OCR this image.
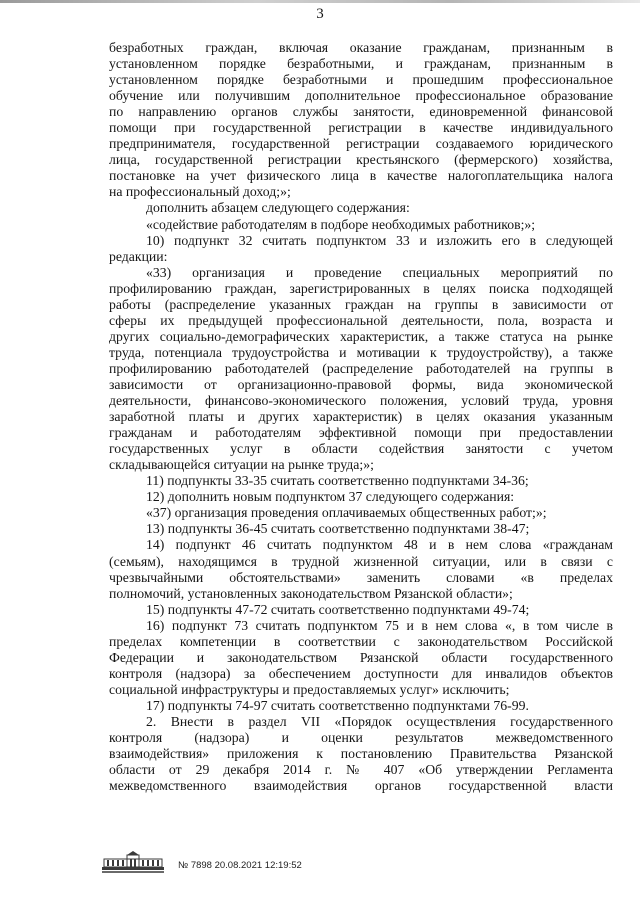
3
безработных граждан, включая оказание гражданам, признанным в
установленном порядке безработными, и гражданам, признанным в
установленном порядке безработными и прошедшим профессиональное
обучение или получившим дополнительное профессиональное образование
по направлению органов службы занятости, единовременной финансовой
помощи при государственной регистрации в качестве индивидуального
предпринимателя, государственной регистрации создаваемого юридического
лица, государственной регистрации крестьянского (фермерского) хозяйства,
постановке на учет физического лица в качестве налогоплательщика налога
на профессиональный доход;»;
дополнить абзацем следующего содержания:
«содействие работодателям в подборе необходимых работников;»;
10) подпункт 32 считать подпунктом 33 и изложить его в следующей
редакции:
«33) организация и проведение специальных мероприятий по
профилированию граждан, зарегистрированных в целях поиска подходящей
работы (распределение указанных граждан на группы в зависимости от
сферы их предыдущей профессиональной деятельности, пола, возраста и
других социально-демографических характеристик, а также статуса на рынке
труда, потенциала трудоустройства и мотивации к трудоустройству), а также
профилированию работодателей (распределение работодателей на группы в
зависимости от организационно-правовой формы, вида экономической
деятельности, финансово-экономического положения, условий труда, уровня
заработной платы и других характеристик) в целях оказания указанным
гражданам и работодателям эффективной помощи при предоставлении
государственных услуг в области содействия занятости с учетом
складывающейся ситуации на рынке труда;»;
11) подпункты 33-35 считать соответственно подпунктами 34-36;
12) дополнить новым подпунктом 37 следующего содержания:
«37) организация проведения оплачиваемых общественных работ;»;
13) подпункты 36-45 считать соответственно подпунктами 38-47;
14) подпункт 46 считать подпунктом 48 и в нем слова «гражданам
(семьям), находящимся в трудной жизненной ситуации, или в связи с
чрезвычайными обстоятельствами» заменить словами «в пределах
полномочий, установленных законодательством Рязанской области»;
15) подпункты 47-72 считать соответственно подпунктами 49-74;
16) подпункт 73 считать подпунктом 75 и в нем слова «, в том числе в
пределах компетенции в соответствии с законодательством Российской
Федерации и законодательством Рязанской области государственного
контроля (надзора) за обеспечением доступности для инвалидов объектов
социальной инфраструктуры и предоставляемых услуг» исключить;
17) подпункты 74-97 считать соответственно подпунктами 76-99.
2. Внести в раздел VII «Порядок осуществления государственного
контроля (надзора) и оценки результатов межведомственного
взаимодействия» приложения к постановлению Правительства Рязанской
области от 29 декабря 2014 г. № 407 «Об утверждении Регламента
межведомственного взаимодействия органов государственной власти
№ 7898 20.08.2021 12:19:52
